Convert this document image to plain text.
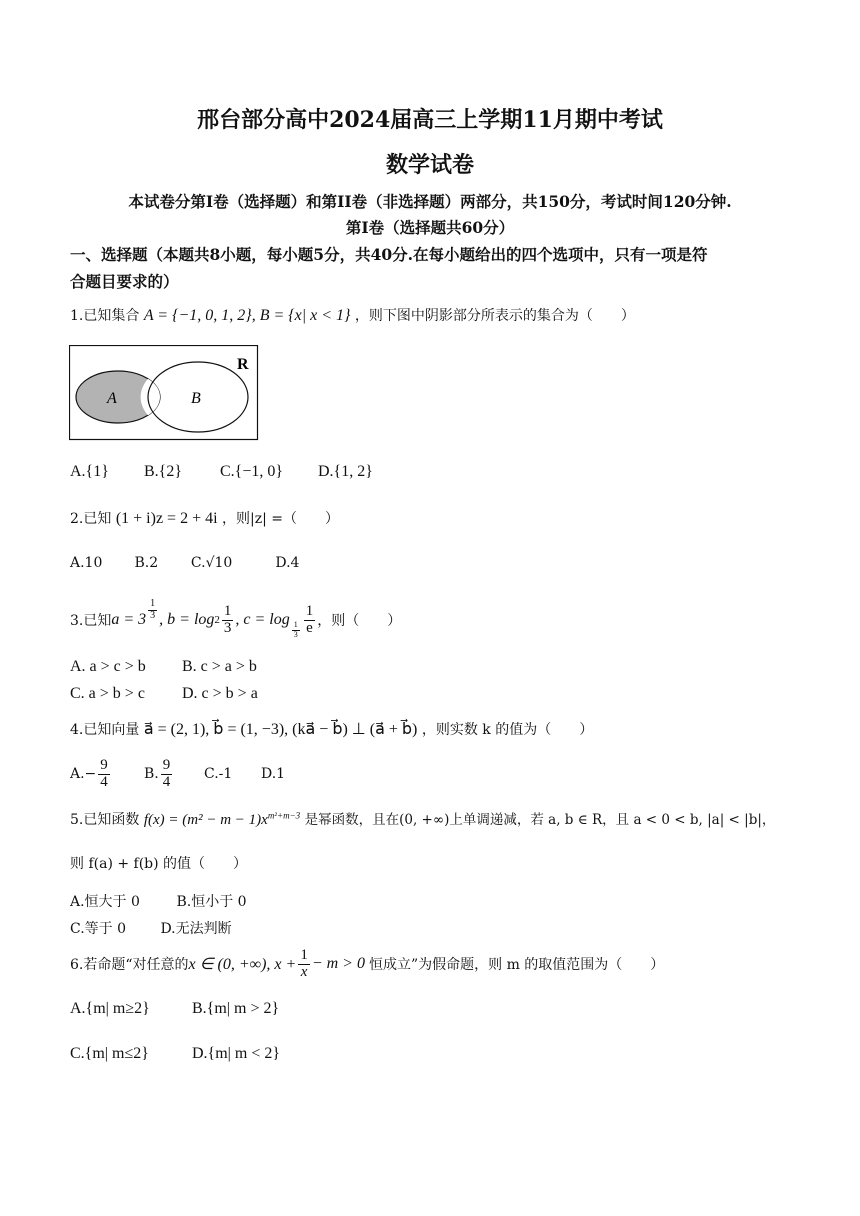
邢台部分高中2024届高三上学期11月期中考试
数学试卷
本试卷分第I卷（选择题）和第II卷（非选择题）两部分，共150分，考试时间120分钟.
第Ⅰ卷（选择题共60分）
一、选择题（本题共8小题，每小题5分，共40分.在每小题给出的四个选项中，只有一项是符
合题目要求的）
1.已知集合 A = {−1, 0, 1, 2}, B = {x| x < 1} ，则下图中阴影部分所表示的集合为（　　）
R
A	B
A.{1} B.{2} C.{−1, 0} D.{1, 2}
2.已知 (1 + i)z = 2 + 4i ，则|z| =（　　）
A.10 B.2 C.√10	D.4
3.已知 $a = 3 \frac{1}{3}$ , $b = \log 2 \frac{1}{3}$ , c = log
$\frac{1}{3} \frac{1}{e}$ ，则（　　）
A. a > c > b B. c > a > b
C. a > b > c D. c > b > a
4.已知向量 a⃗ = (2, 1), b⃗ = (1, −3), (ka⃗ − b⃗) ⊥ (a⃗ + b⃗) ，则实数 k 的值为（　　）
$A.- \frac{9}{4} B$. $\frac{9}{4} C.-1$	D.1
5.已知函数 $f(x) = (m^2 - m - 1)x^{m^2+m-3}$ 是幂函数，且在(0, +∞)上单调递减，若 a, b ∈ R，且 a < 0 < b, |a| < |b|，
则 f(a) + f(b) 的值（　　）
A.恒大于 0	B.恒小于 0
C.等于 0 D.无法判断
6.若命题“对任意的 x ∈ (0, +∞), $x + \frac{1}{x} - m > 0$ 恒成立”为假命题，则 m 的取值范围为（　　）
A.{m| m≥2}	B.{m| m > 2}
C.{m| m≤2}	D.{m| m < 2}
